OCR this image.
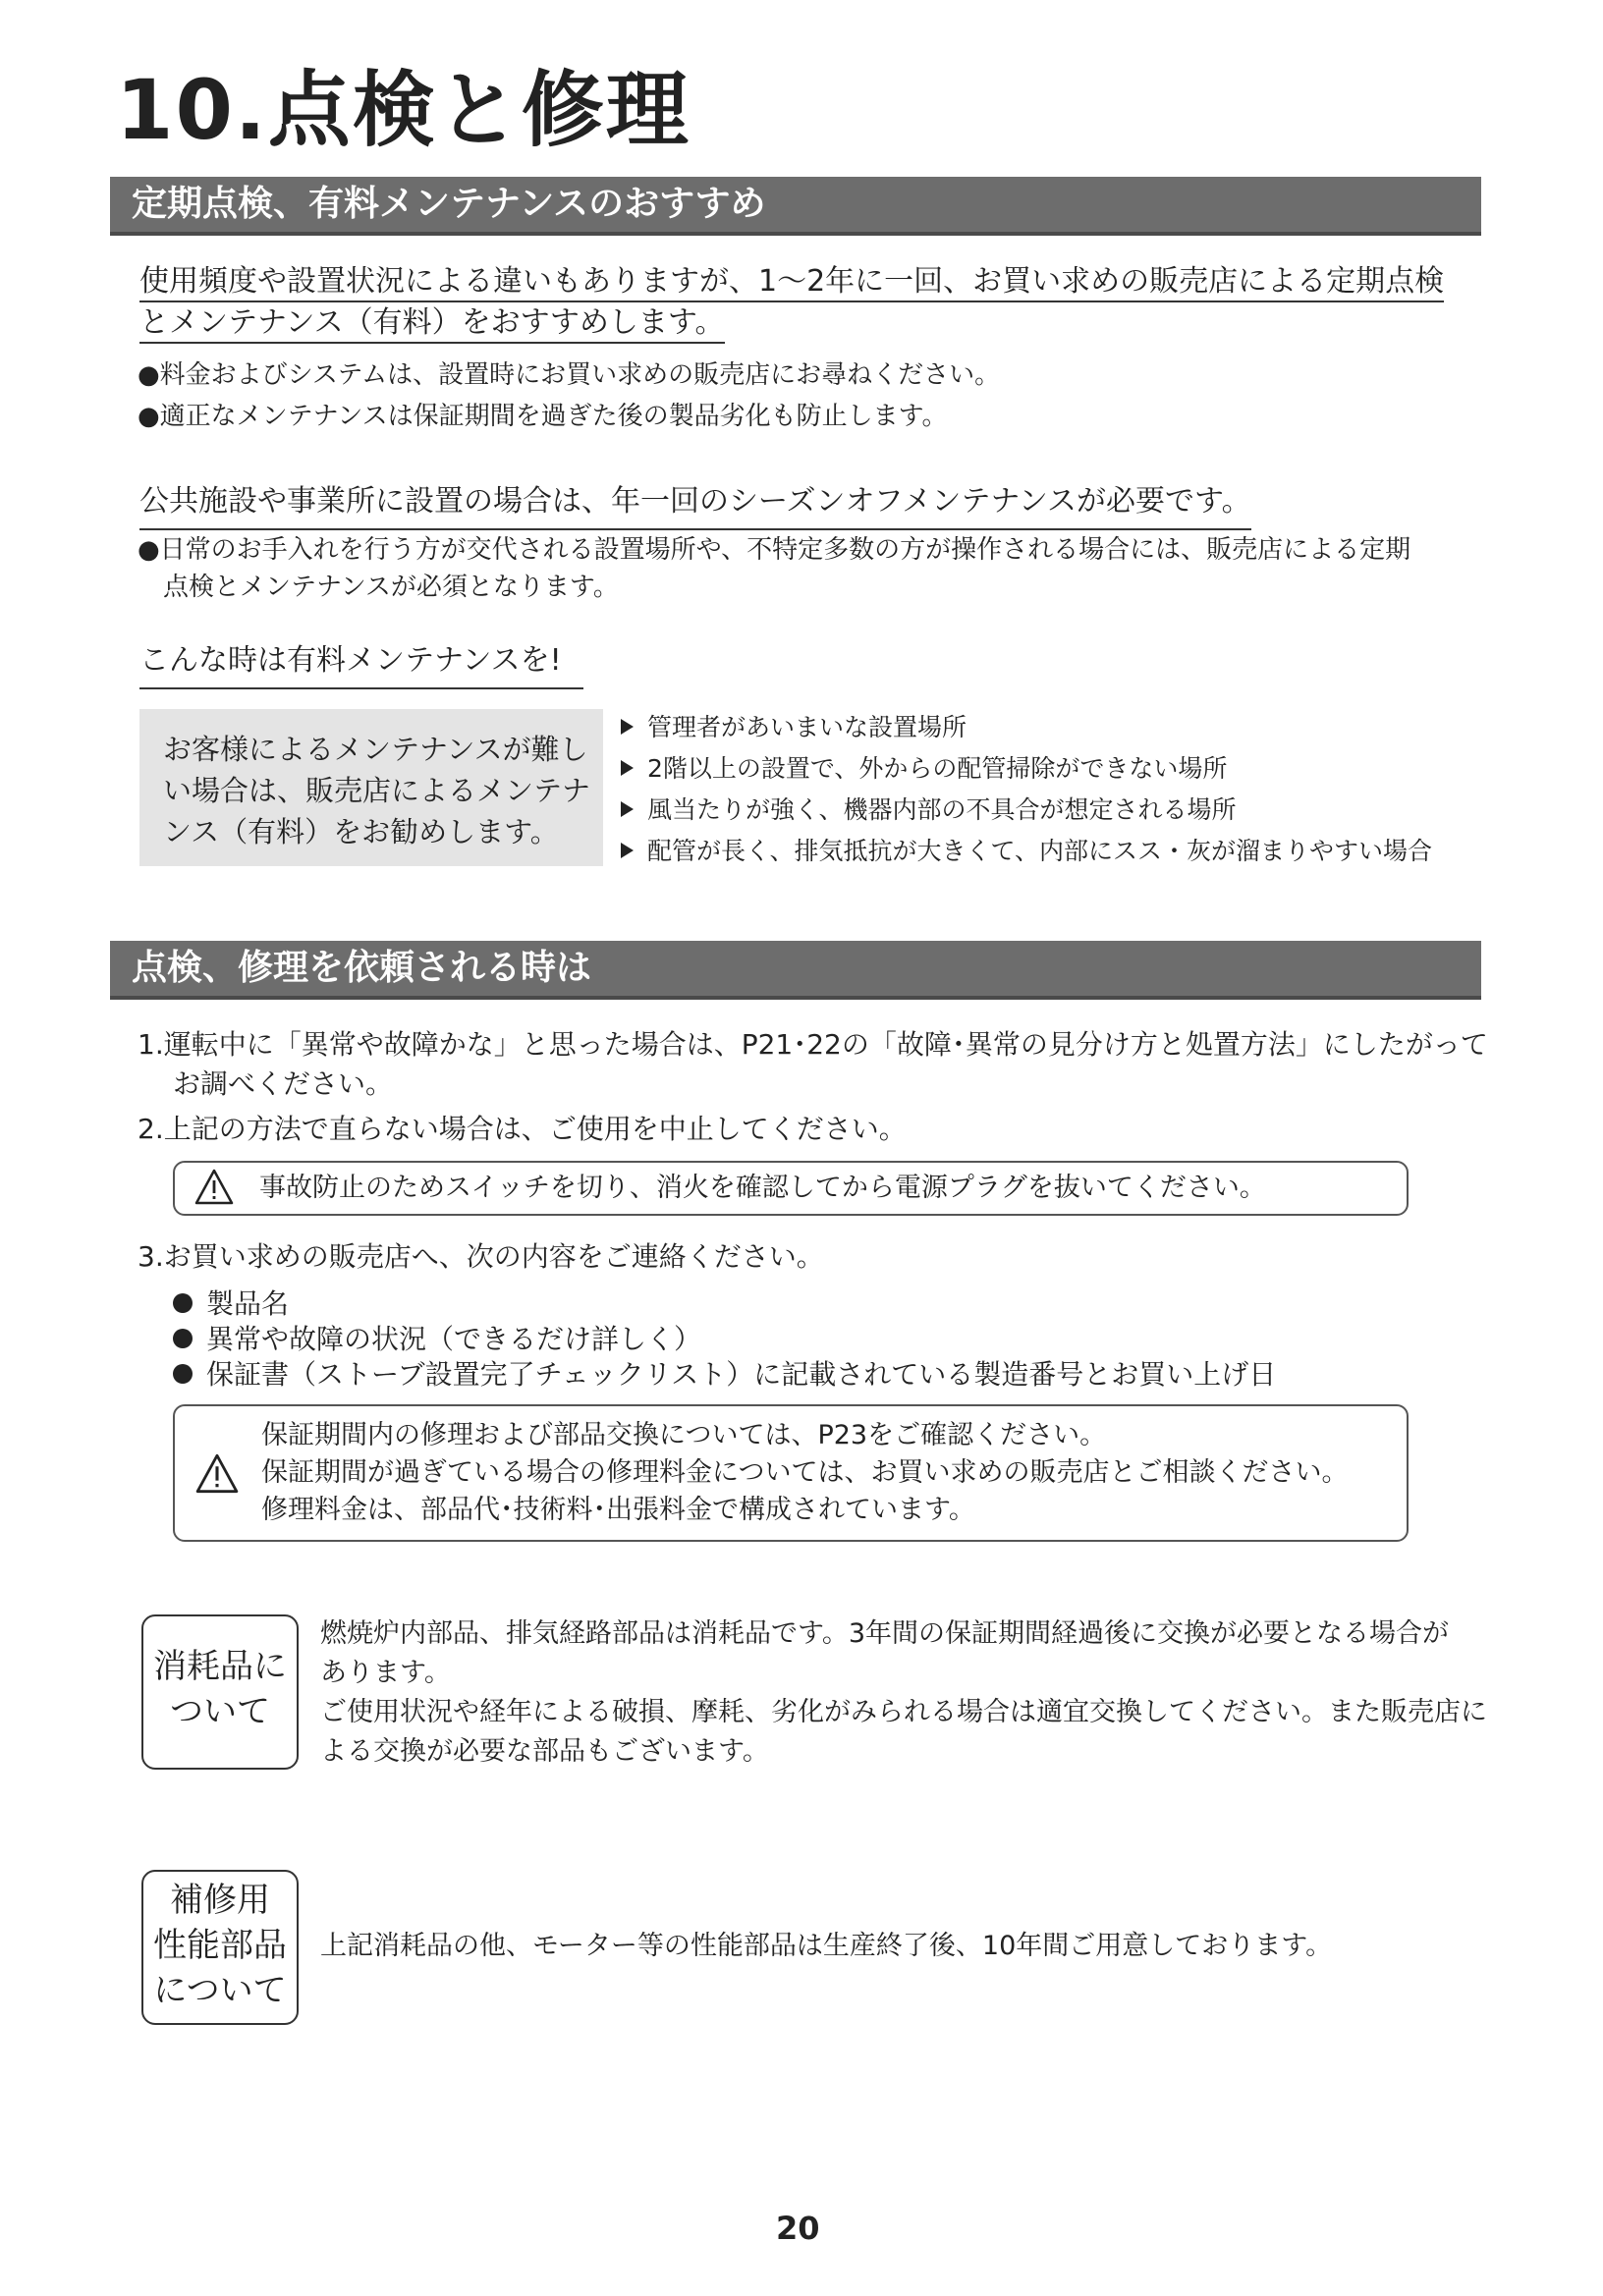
10.点検と修理
定期点検、有料メンテナンスのおすすめ
使用頻度や設置状況による違いもありますが、1～2年に一回、お買い求めの販売店による定期点検
とメンテナンス（有料）をおすすめします。
●料金およびシステムは、設置時にお買い求めの販売店にお尋ねください。
●適正なメンテナンスは保証期間を過ぎた後の製品劣化も防止します。
公共施設や事業所に設置の場合は、年一回のシーズンオフメンテナンスが必要です。
●日常のお手入れを行う方が交代される設置場所や、不特定多数の方が操作される場合には、販売店による定期
点検とメンテナンスが必須となります。
こんな時は有料メンテナンスを!
お客様によるメンテナンスが難しい場合は、販売店によるメンテナンス（有料）をお勧めします。
管理者があいまいな設置場所
2階以上の設置で、外からの配管掃除ができない場所
風当たりが強く、機器内部の不具合が想定される場所
配管が長く、排気抵抗が大きくて、内部にスス・灰が溜まりやすい場合
点検、修理を依頼される時は
1.運転中に「異常や故障かな」と思った場合は、P21･22の「故障･異常の見分け方と処置方法」にしたがって
お調べください。
2.上記の方法で直らない場合は、ご使用を中止してください。
事故防止のためスイッチを切り、消火を確認してから電源プラグを抜いてください。
3.お買い求めの販売店へ、次の内容をご連絡ください。
製品名
異常や故障の状況（できるだけ詳しく）
保証書（ストーブ設置完了チェックリスト）に記載されている製造番号とお買い上げ日
保証期間内の修理および部品交換については、P23をご確認ください。
保証期間が過ぎている場合の修理料金については、お買い求めの販売店とご相談ください。
修理料金は、部品代･技術料･出張料金で構成されています。
消耗品に
ついて
燃焼炉内部品、排気経路部品は消耗品です。3年間の保証期間経過後に交換が必要となる場合が
あります。
ご使用状況や経年による破損、摩耗、劣化がみられる場合は適宜交換してください。また販売店に
よる交換が必要な部品もございます。
補修用
性能部品
について
上記消耗品の他、モーター等の性能部品は生産終了後、10年間ご用意しております。
20
